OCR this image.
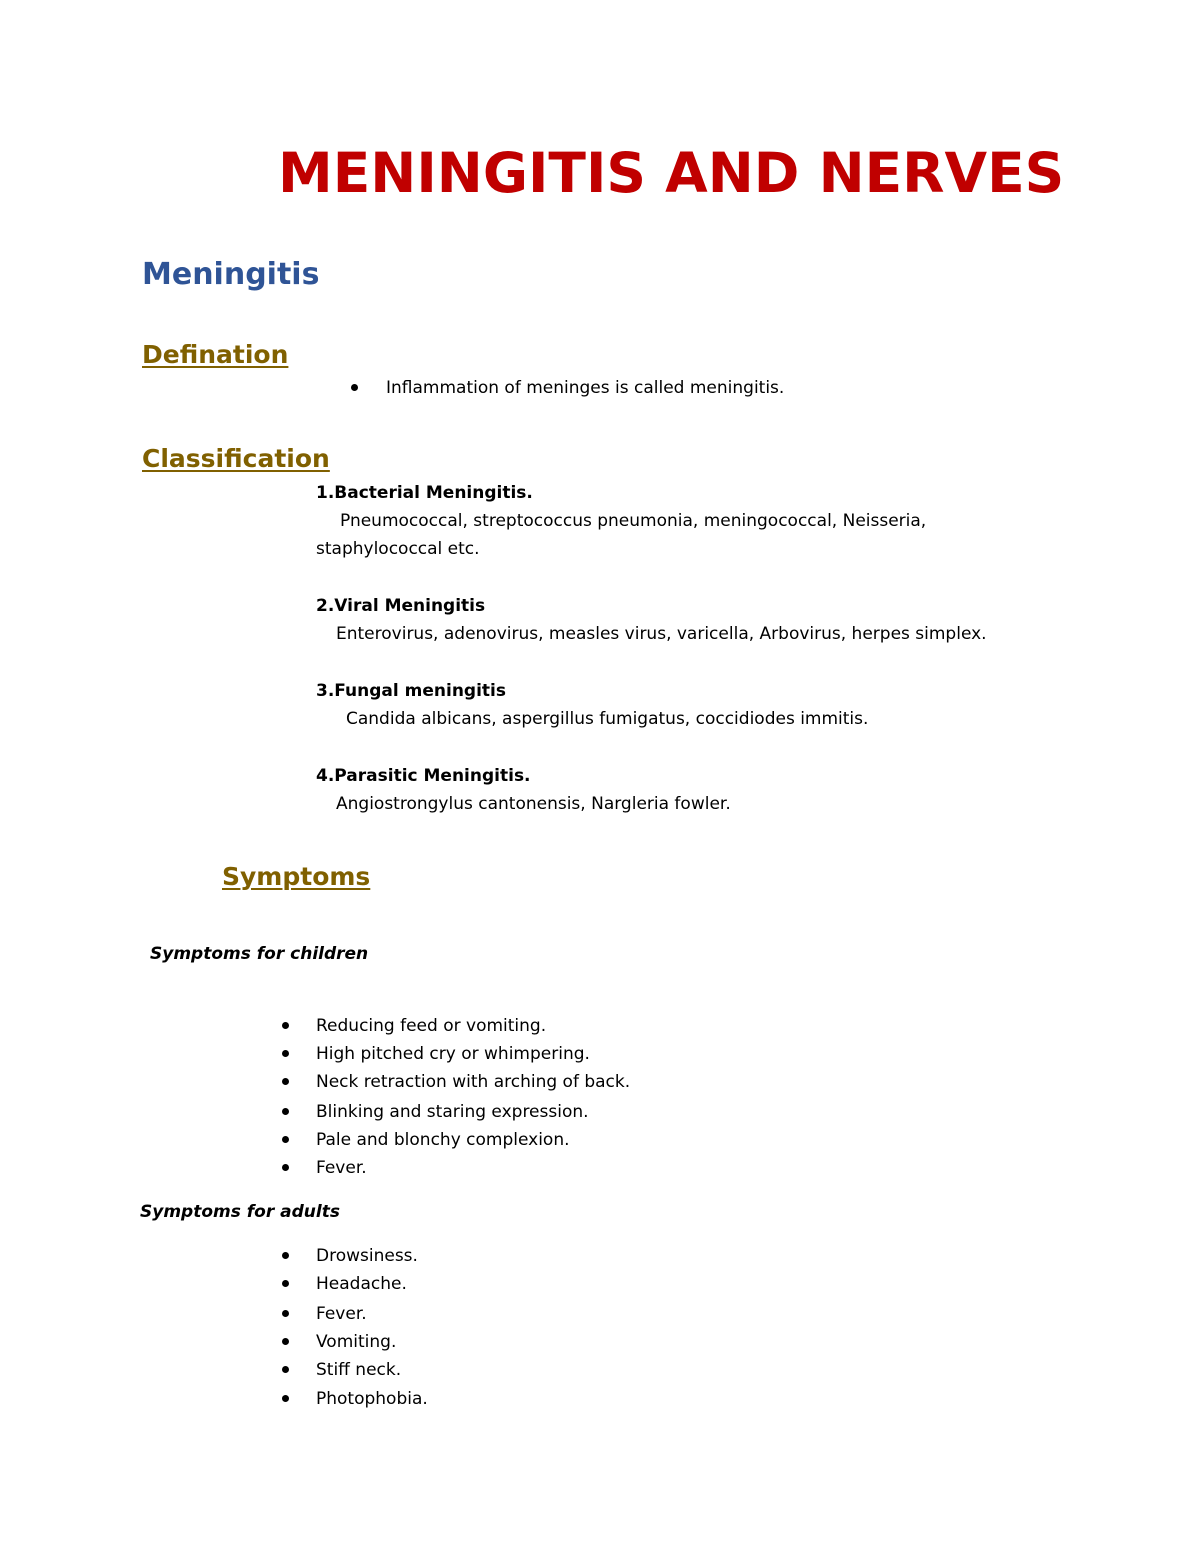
MENINGITIS AND NERVES
Meningitis
Defination
Inflammation of meninges is called meningitis.
Classification
1.Bacterial Meningitis.
Pneumococcal, streptococcus pneumonia, meningococcal, Neisseria,
staphylococcal etc.
2.Viral Meningitis
Enterovirus, adenovirus, measles virus, varicella, Arbovirus, herpes simplex.
3.Fungal meningitis
Candida albicans, aspergillus fumigatus, coccidiodes immitis.
4.Parasitic Meningitis.
Angiostrongylus cantonensis, Nargleria fowler.
Symptoms
Symptoms for children
Reducing feed or vomiting.
High pitched cry or whimpering.
Neck retraction with arching of back.
Blinking and staring expression.
Pale and blonchy complexion.
Fever.
Symptoms for adults
Drowsiness.
Headache.
Fever.
Vomiting.
Stiff neck.
Photophobia.
